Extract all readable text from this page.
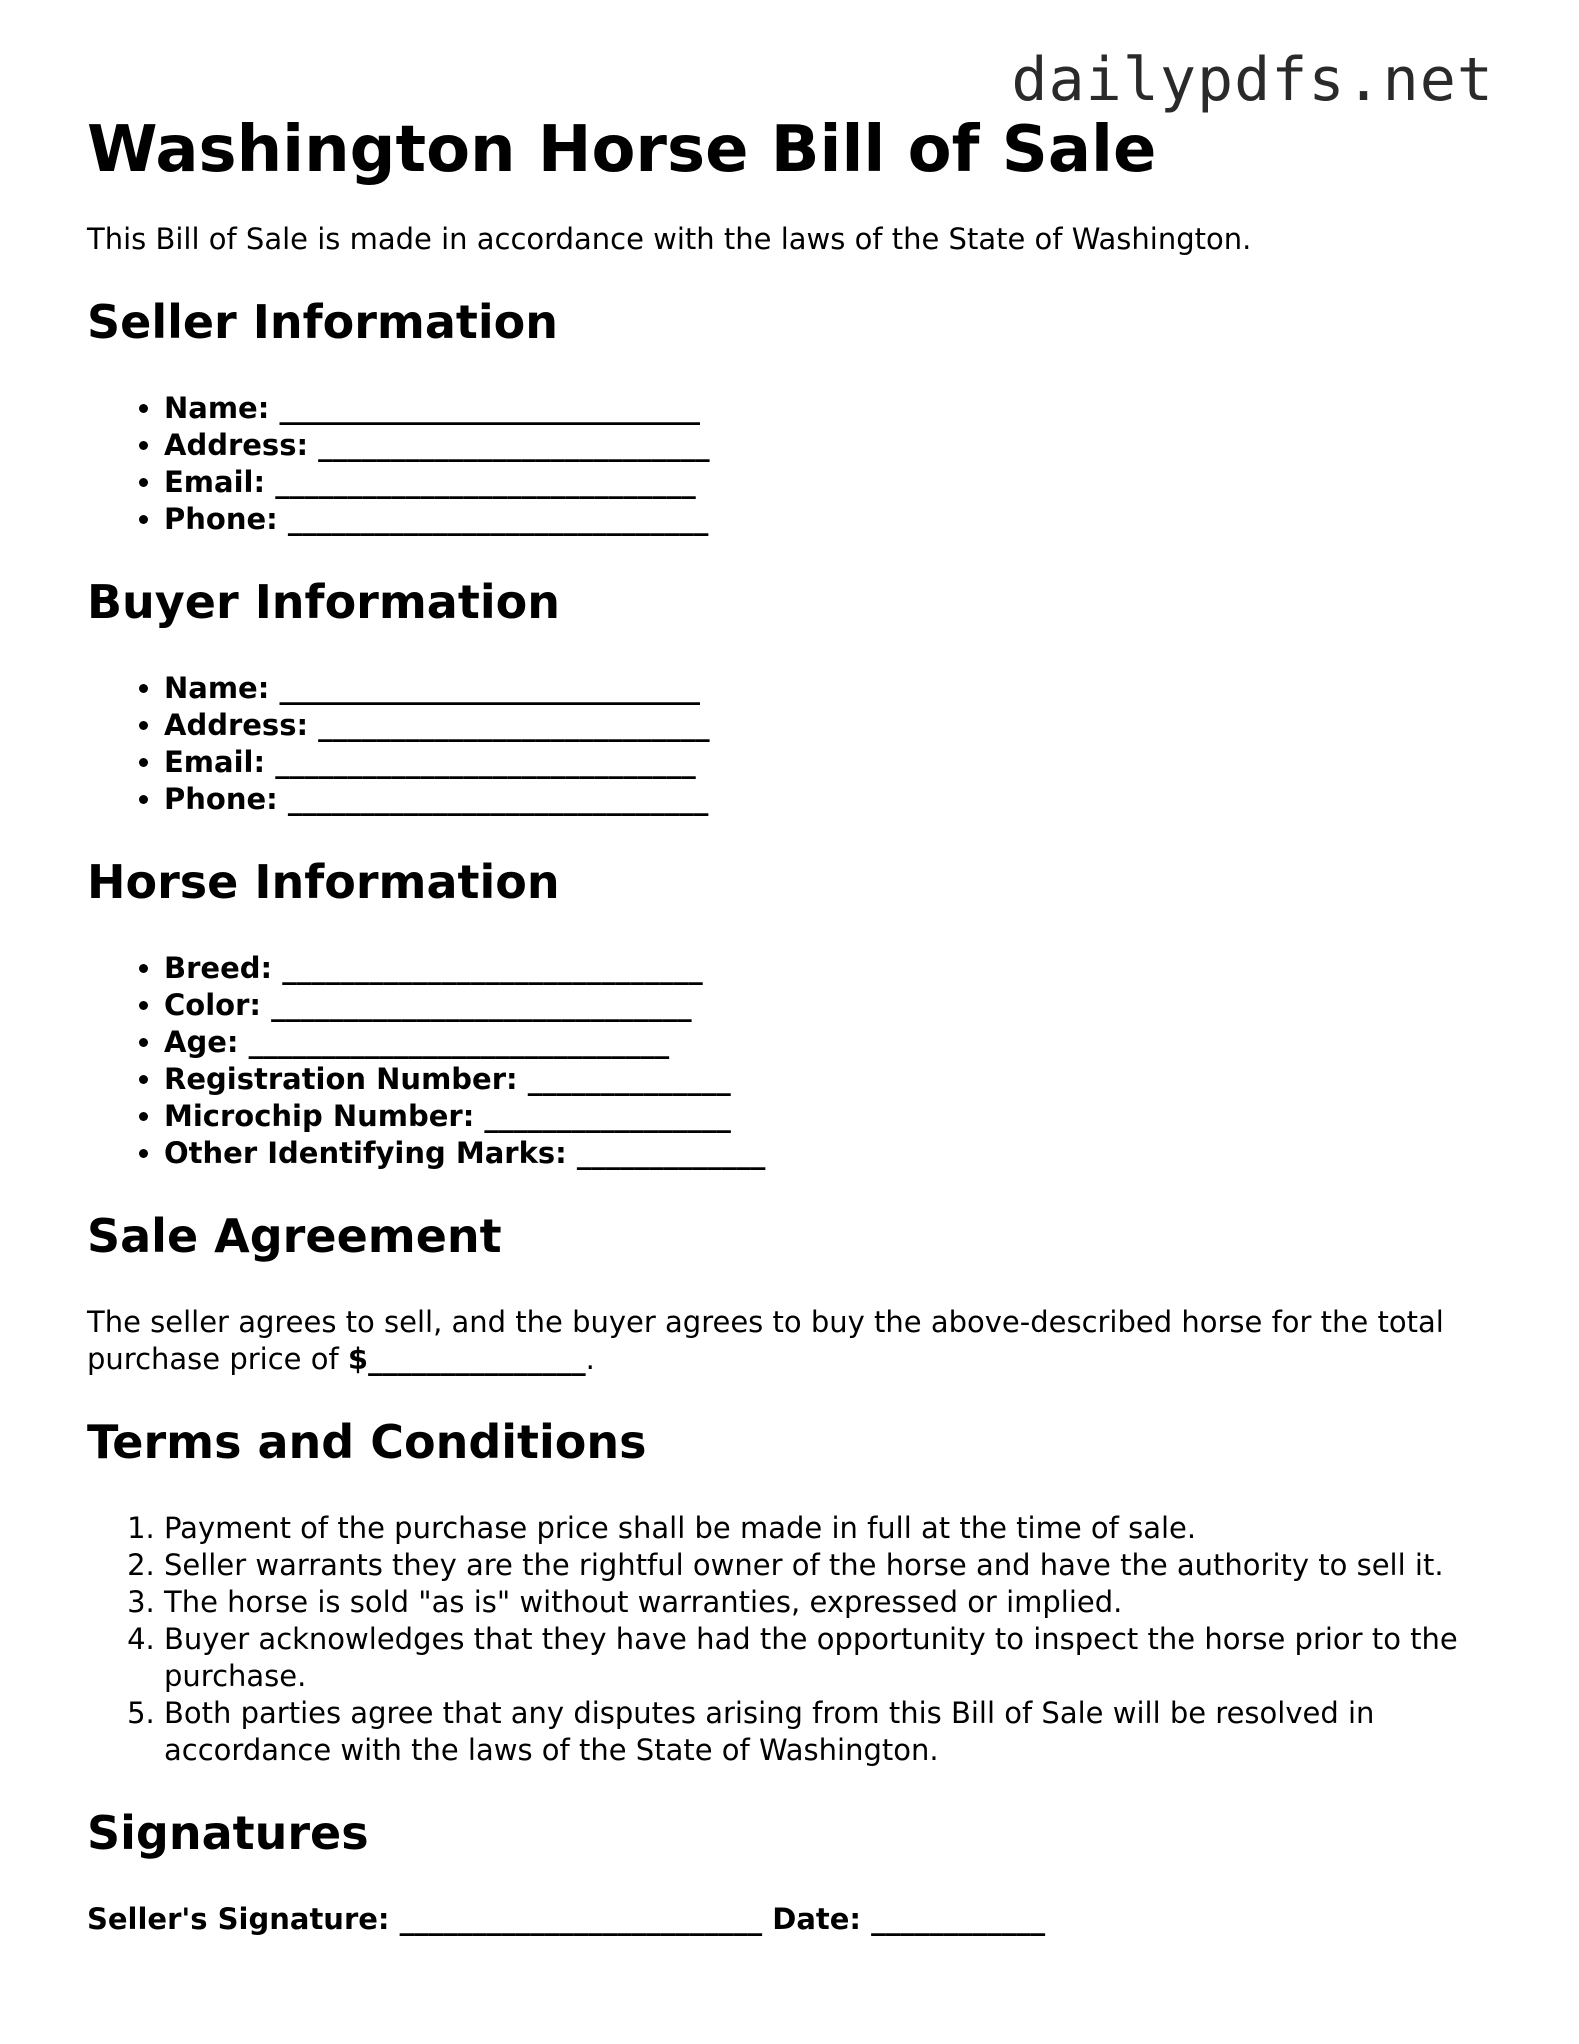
dailypdfs.net
Washington Horse Bill of Sale

This Bill of Sale is made in accordance with the laws of the State of Washington.

Seller Information
• Name: _____________________________
• Address: ___________________________
• Email: _____________________________
• Phone: _____________________________
Buyer Information
• Name: _____________________________
• Address: ___________________________
• Email: _____________________________
• Phone: _____________________________
Horse Information
• Breed: _____________________________
• Color: _____________________________
• Age: _____________________________
• Registration Number: ______________
• Microchip Number: _________________
• Other Identifying Marks: _____________
Sale Agreement

The seller agrees to sell, and the buyer agrees to buy the above-described horse for the total purchase price of $_______________.

Terms and Conditions
1. Payment of the purchase price shall be made in full at the time of sale.
2. Seller warrants they are the rightful owner of the horse and have the authority to sell it.
3. The horse is sold "as is" without warranties, expressed or implied.
4. Buyer acknowledges that they have had the opportunity to inspect the horse prior to the purchase.
5. Both parties agree that any disputes arising from this Bill of Sale will be resolved in accordance with the laws of the State of Washington.
Signatures

Seller's Signature: _________________________ Date: ____________
